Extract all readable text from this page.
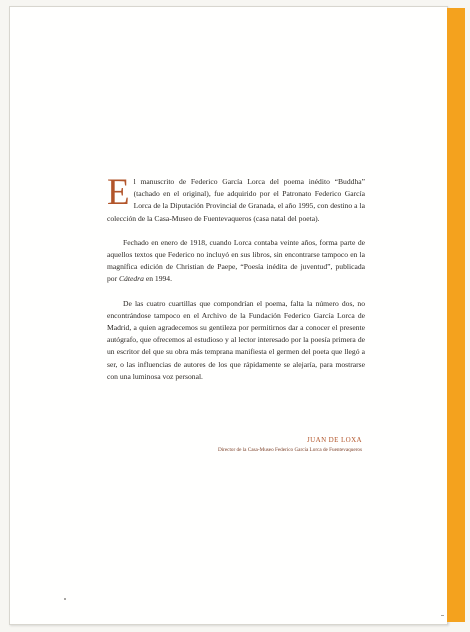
El manuscrito de Federico García Lorca del poema inédito “Buddha” (tachado en el original), fue adquirido por el Patronato Federico García Lorca de la Diputación Provincial de Granada, el año 1995, con destino a la colección de la Casa-Museo de Fuentevaqueros (casa natal del poeta).

Fechado en enero de 1918, cuando Lorca contaba veinte años, forma parte de aquellos textos que Federico no incluyó en sus libros, sin encontrarse tampoco en la magnífica edición de Christian de Paepe, “Poesía inédita de juventud”, publicada por Cátedra en 1994.

De las cuatro cuartillas que compondrían el poema, falta la número dos, no encontrándose tampoco en el Archivo de la Fundación Federico García Lorca de Madrid, a quien agradecemos su gentileza por permitirnos dar a conocer el presente autógrafo, que ofrecemos al estudioso y al lector interesado por la poesía primera de un escritor del que su obra más temprana manifiesta el germen del poeta que llegó a ser, o las influencias de autores de los que rápidamente se alejaría, para mostrarse con una luminosa voz personal.

JUAN DE LOXA
Director de la Casa-Museo Federico García Lorca de Fuentevaqueros
